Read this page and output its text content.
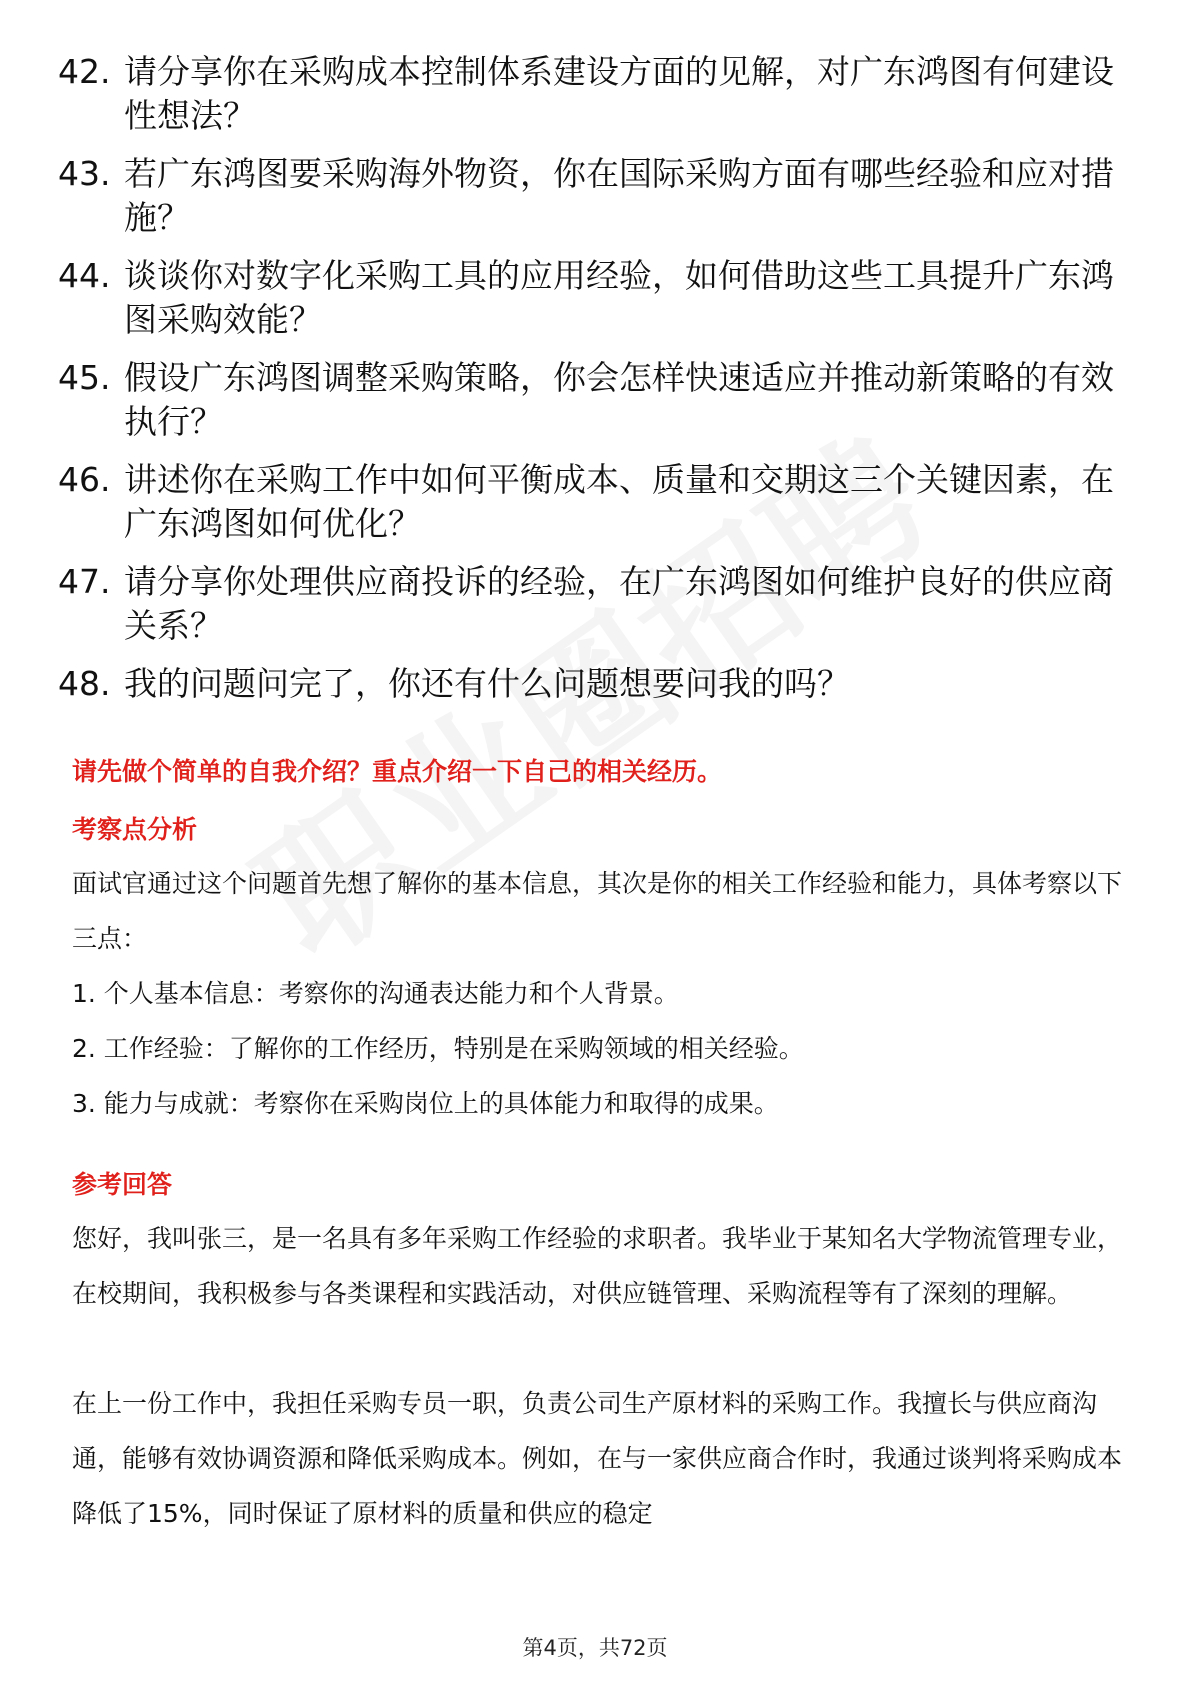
42. 请分享你在采购成本控制体系建设方面的见解，对广东鸿图有何建设性想法？
43. 若广东鸿图要采购海外物资，你在国际采购方面有哪些经验和应对措施？
44. 谈谈你对数字化采购工具的应用经验，如何借助这些工具提升广东鸿图采购效能？
45. 假设广东鸿图调整采购策略，你会怎样快速适应并推动新策略的有效执行？
46. 讲述你在采购工作中如何平衡成本、质量和交期这三个关键因素，在广东鸿图如何优化？
47. 请分享你处理供应商投诉的经验，在广东鸿图如何维护良好的供应商关系？
48. 我的问题问完了，你还有什么问题想要问我的吗？
请先做个简单的自我介绍？重点介绍一下自己的相关经历。
考察点分析
面试官通过这个问题首先想了解你的基本信息，其次是你的相关工作经验和能力，具体考察以下三点：
1. 个人基本信息：考察你的沟通表达能力和个人背景。
2. 工作经验：了解你的工作经历，特别是在采购领域的相关经验。
3. 能力与成就：考察你在采购岗位上的具体能力和取得的成果。
参考回答
您好，我叫张三，是一名具有多年采购工作经验的求职者。我毕业于某知名大学物流管理专业，在校期间，我积极参与各类课程和实践活动，对供应链管理、采购流程等有了深刻的理解。
在上一份工作中，我担任采购专员一职，负责公司生产原材料的采购工作。我擅长与供应商沟通，能够有效协调资源和降低采购成本。例如，在与一家供应商合作时，我通过谈判将采购成本降低了15%，同时保证了原材料的质量和供应的稳定
第4页，共72页
